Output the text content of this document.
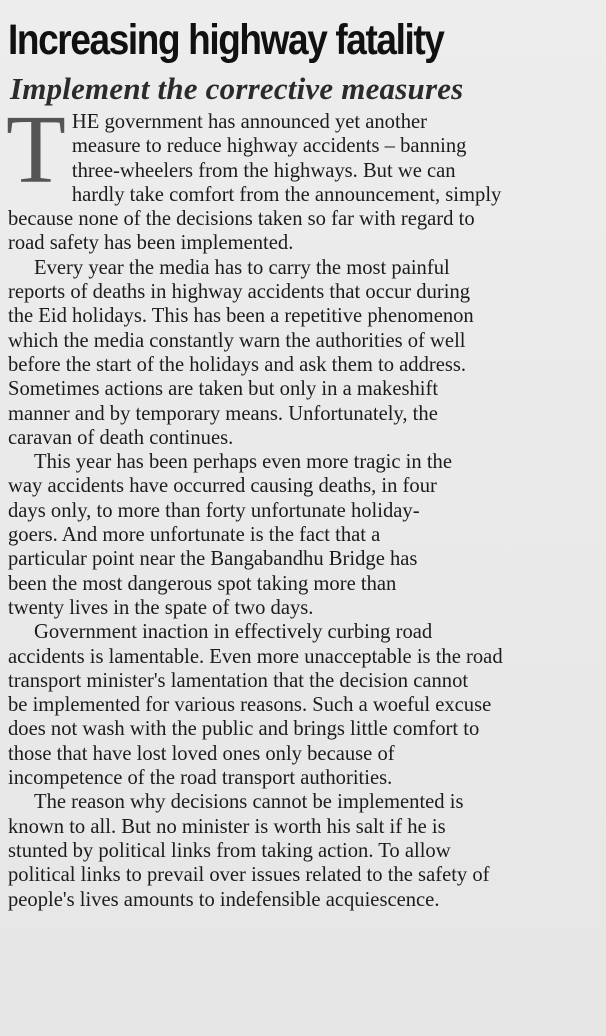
Increasing highway fatality
Implement the corrective measures

T HE government has announced yet another
measure to reduce highway accidents – banning
three-wheelers from the highways. But we can
hardly take comfort from the announcement, simply
because none of the decisions taken so far with regard to
road safety has been implemented.

Every year the media has to carry the most painful
reports of deaths in highway accidents that occur during
the Eid holidays. This has been a repetitive phenomenon
which the media constantly warn the authorities of well
before the start of the holidays and ask them to address.
Sometimes actions are taken but only in a makeshift
manner and by temporary means. Unfortunately, the
caravan of death continues.

This year has been perhaps even more tragic in the
way accidents have occurred causing deaths, in four
days only, to more than forty unfortunate holiday-
goers. And more unfortunate is the fact that a
particular point near the Bangabandhu Bridge has
been the most dangerous spot taking more than
twenty lives in the spate of two days.

Government inaction in effectively curbing road
accidents is lamentable. Even more unacceptable is the road
transport minister's lamentation that the decision cannot
be implemented for various reasons. Such a woeful excuse
does not wash with the public and brings little comfort to
those that have lost loved ones only because of
incompetence of the road transport authorities.

The reason why decisions cannot be implemented is
known to all. But no minister is worth his salt if he is
stunted by political links from taking action. To allow
political links to prevail over issues related to the safety of
people's lives amounts to indefensible acquiescence.
